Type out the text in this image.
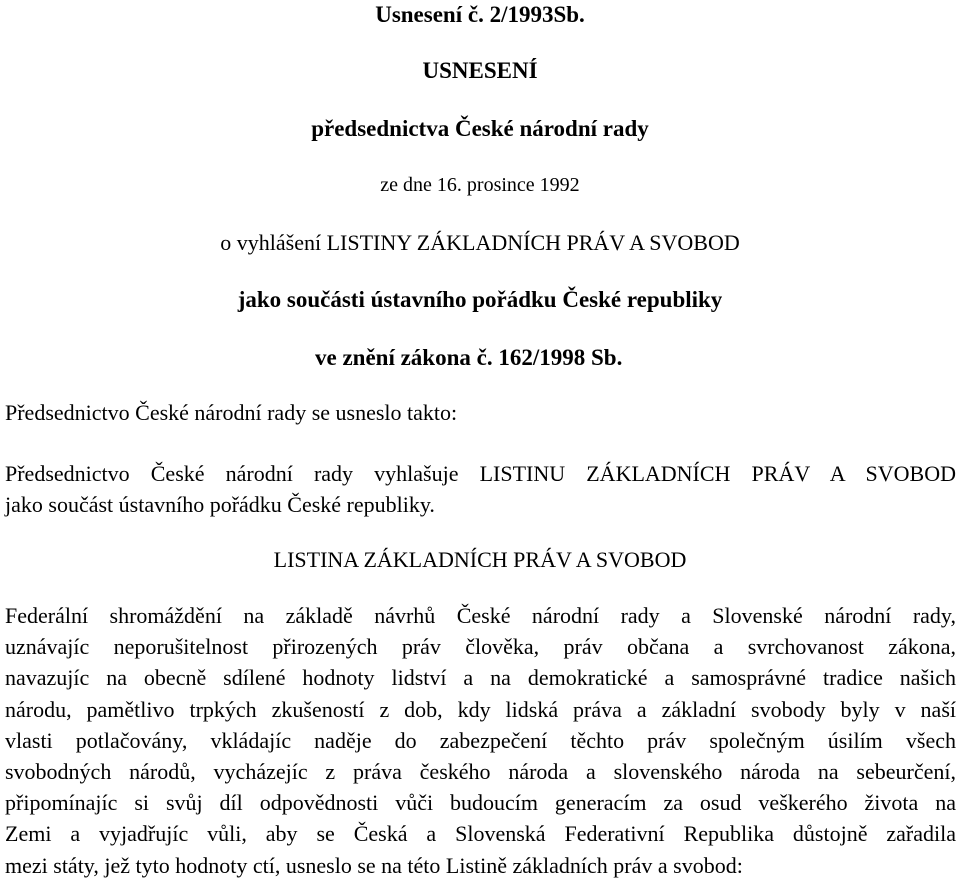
Usnesení č. 2/1993Sb.
USNESENÍ
předsednictva České národní rady
ze dne 16. prosince 1992
o vyhlášení LISTINY ZÁKLADNÍCH PRÁV A SVOBOD
jako součásti ústavního pořádku České republiky
ve znění zákona č. 162/1998 Sb.
Předsednictvo České národní rady se usneslo takto:
Předsednictvo České národní rady vyhlašuje LISTINU ZÁKLADNÍCH PRÁV A SVOBOD
jako součást ústavního pořádku České republiky.
LISTINA ZÁKLADNÍCH PRÁV A SVOBOD
Federální shromáždění na základě návrhů České národní rady a Slovenské národní rady,
uznávajíc neporušitelnost přirozených práv člověka, práv občana a svrchovanost zákona,
navazujíc na obecně sdílené hodnoty lidství a na demokratické a samosprávné tradice našich
národu, pamětlivo trpkých zkušeností z dob, kdy lidská práva a základní svobody byly v naší
vlasti potlačovány, vkládajíc naděje do zabezpečení těchto práv společným úsilím všech
svobodných národů, vycházejíc z práva českého národa a slovenského národa na sebeurčení,
připomínajíc si svůj díl odpovědnosti vůči budoucím generacím za osud veškerého života na
Zemi a vyjadřujíc vůli, aby se Česká a Slovenská Federativní Republika důstojně zařadila
mezi státy, jež tyto hodnoty ctí, usneslo se na této Listině základních práv a svobod:
